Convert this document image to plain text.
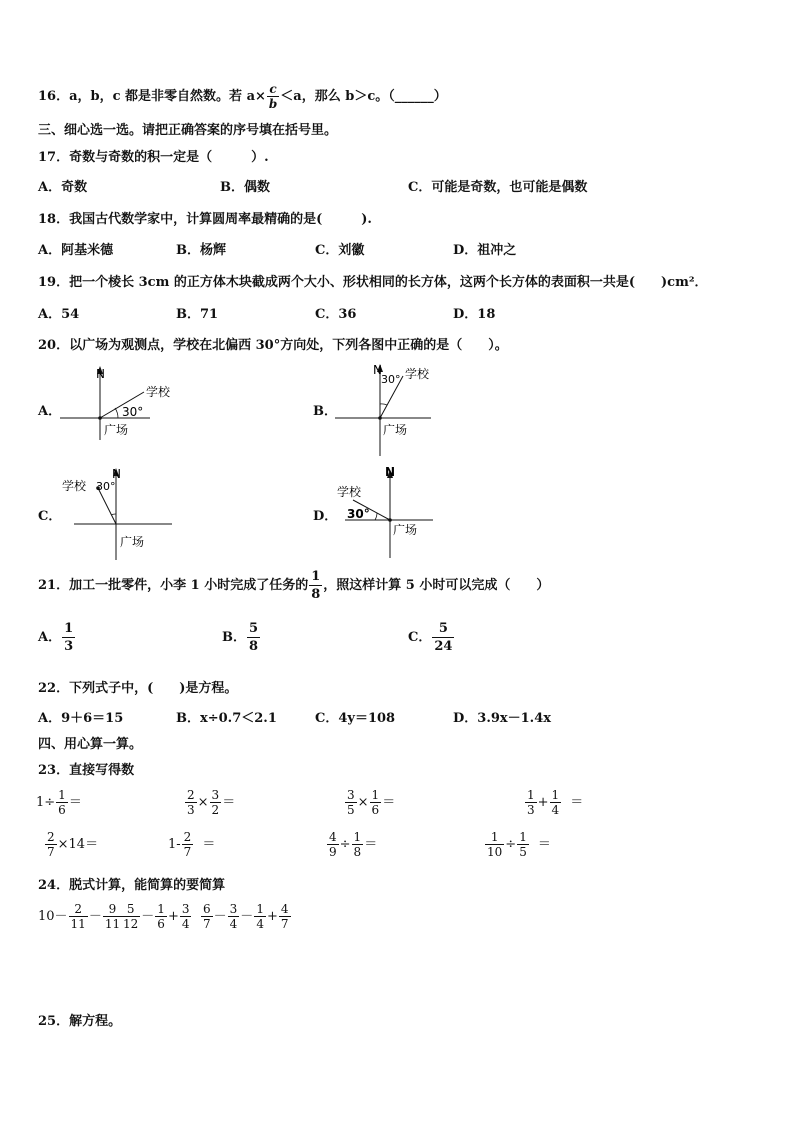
16．a，b，c 都是非零自然数。若 $a\times \frac{c}{b} <a$，那么 b＞c。（______）
三、细心选一选。请把正确答案的序号填在括号里。
17．奇数与奇数的积一定是（　　　）.
A．奇数	B．偶数	C．可能是奇数，也可能是偶数
18．我国古代数学家中，计算圆周率最精确的是(　　　).
A．阿基米德	B．杨辉	C．刘徽	D．祖冲之
19．把一个棱长 3cm 的正方体木块截成两个大小、形状相同的长方体，这两个长方体的表面积一共是(　　)cm²．
A．54	B．71	C．36	D．18
20．以广场为观测点，学校在北偏西 30°方向处，下列各图中正确的是（　　）。
A．
N
学校
30°
广场
B．
N
30° 学校
广场
C．
N
学校 30°
广场
D．
N
学校
30°
广场
21．加工一批零件，小李 1 小时完成了任务的 $\frac{1}{8}$ ，照这样计算 5 小时可以完成（　　）
A． $\frac{1}{3}$	B． $\frac{5}{8}$	C． $\frac{5}{24}$
22．下列式子中，(　　)是方程。
A．9＋6＝15	B．x÷0.7＜2.1	C．4y＝108	D．3.9x－1.4x
四、用心算一算。
23．直接写得数
$1\div \frac{1}{6}$ ＝	$\frac{2}{3} \times \frac{3}{2}$ ＝	$\frac{3}{5} \times \frac{1}{6}$ ＝	$\frac{1}{3} + \frac{1}{4}$ ＝
$\frac{2}{7} \times 14=$	$1- \frac{2}{7}$ ＝	$\frac{4}{9} \div \frac{1}{8}$ ＝	$\frac{1}{10} \div \frac{1}{5}$ ＝
24．脱式计算，能简算的要简算
$10- \frac{2}{11} - \frac{9}{11}$
$\frac{5}{12} - \frac{1}{6} + \frac{3}{4} \frac{6}{7} - \frac{3}{4} - \frac{1}{4} + \frac{4}{7}$
25．解方程。
